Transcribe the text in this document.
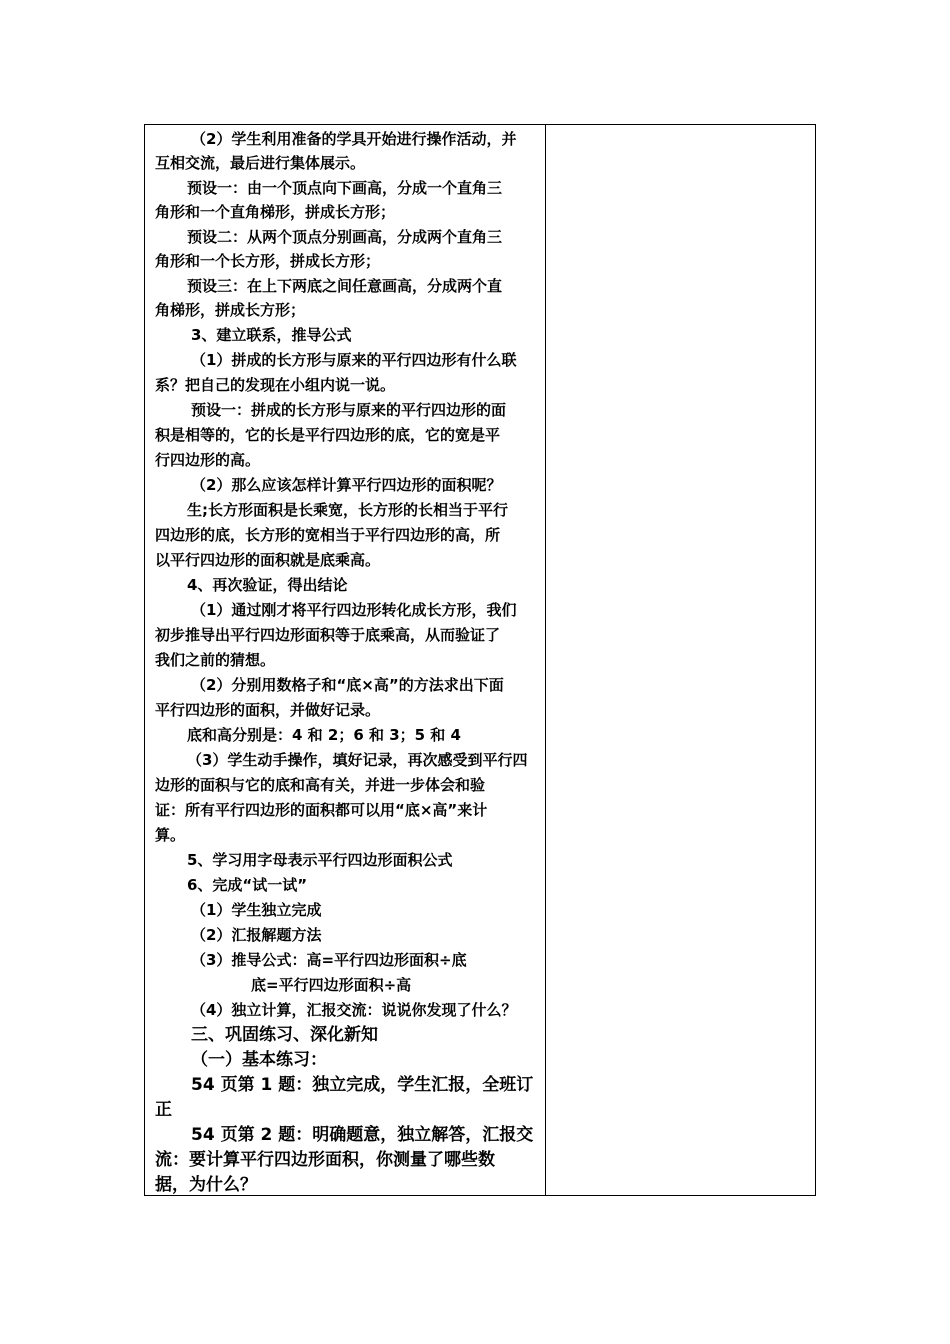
（2）学生利用准备的学具开始进行操作活动，并
互相交流，最后进行集体展示。
预设一：由一个顶点向下画高，分成一个直角三
角形和一个直角梯形，拼成长方形；
预设二：从两个顶点分别画高，分成两个直角三
角形和一个长方形，拼成长方形；
预设三：在上下两底之间任意画高，分成两个直
角梯形，拼成长方形；
3、建立联系，推导公式
（1）拼成的长方形与原来的平行四边形有什么联
系？把自己的发现在小组内说一说。
预设一：拼成的长方形与原来的平行四边形的面
积是相等的，它的长是平行四边形的底，它的宽是平
行四边形的高。
（2）那么应该怎样计算平行四边形的面积呢？
生;长方形面积是长乘宽，长方形的长相当于平行
四边形的底，长方形的宽相当于平行四边形的高，所
以平行四边形的面积就是底乘高。
4、再次验证，得出结论
（1）通过刚才将平行四边形转化成长方形，我们
初步推导出平行四边形面积等于底乘高，从而验证了
我们之前的猜想。
（2）分别用数格子和“底×高”的方法求出下面
平行四边形的面积，并做好记录。
底和高分别是：4 和 2；6 和 3；5 和 4
（3）学生动手操作，填好记录，再次感受到平行四
边形的面积与它的底和高有关，并进一步体会和验
证：所有平行四边形的面积都可以用“底×高”来计
算。
5、学习用字母表示平行四边形面积公式
6、完成“试一试”
（1）学生独立完成
（2）汇报解题方法
（3）推导公式：高=平行四边形面积÷底
底=平行四边形面积÷高
（4）独立计算，汇报交流：说说你发现了什么？
三、巩固练习、深化新知
（一）基本练习：
54 页第 1 题：独立完成，学生汇报，全班订
正
54 页第 2 题：明确题意，独立解答，汇报交
流：要计算平行四边形面积，你测量了哪些数
据，为什么？
